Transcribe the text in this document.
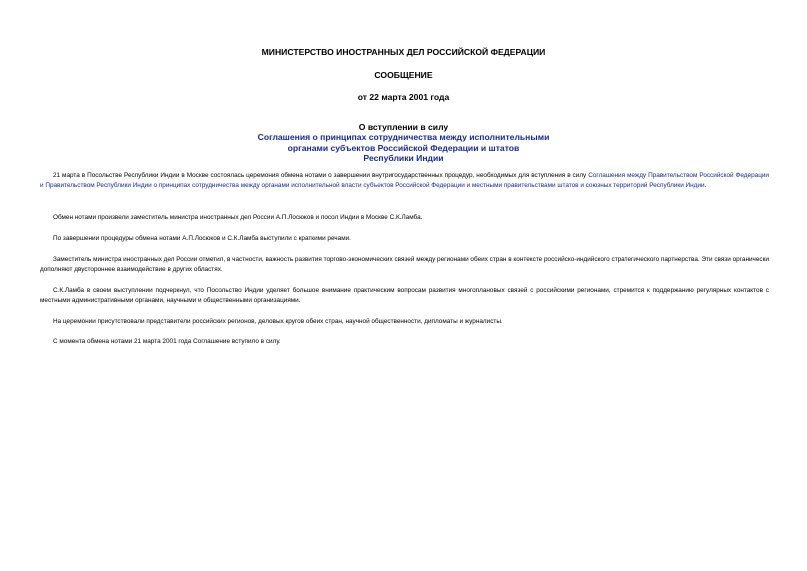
МИНИСТЕРСТВО ИНОСТРАННЫХ ДЕЛ РОССИЙСКОЙ ФЕДЕРАЦИИ
СООБЩЕНИЕ
от 22 марта 2001 года
О вступлении в силу
Соглашения о принципах сотрудничества между исполнительными
органами субъектов Российской Федерации и штатов
Республики Индии

21 марта в Посольстве Республики Индии в Москве состоялась церемония обмена нотами о завершении внутригосударственных процедур, необходимых для вступления в силу Соглашения между Правительством Российской Федерации и Правительством Республики Индии о принципах сотрудничества между органами исполнительной власти субъектов Российской Федерации и местными правительствами штатов и союзных территорий Республики Индии.

Обмен нотами произвели заместитель министра иностранных дел России А.П.Лосюков и посол Индии в Москве С.К.Ламба.

По завершении процедуры обмена нотами А.П.Лосюков и С.К.Ламба выступили с краткими речами.

Заместитель министра иностранных дел России отметил, в частности, важность развития торгово-экономических связей между регионами обеих стран в контексте российско-индийского стратегического партнерства. Эти связи органически дополняют двустороннее взаимодействие в других областях.

С.К.Ламба в своем выступлении подчеркнул, что Посольство Индии уделяет большое внимание практическим вопросам развития многоплановых связей с российскими регионами, стремится к поддержанию регулярных контактов с местными административными органами, научными и общественными организациями.

На церемонии присутствовали представители российских регионов, деловых кругов обеих стран, научной общественности, дипломаты и журналисты.

С момента обмена нотами 21 марта 2001 года Соглашение вступило в силу.
